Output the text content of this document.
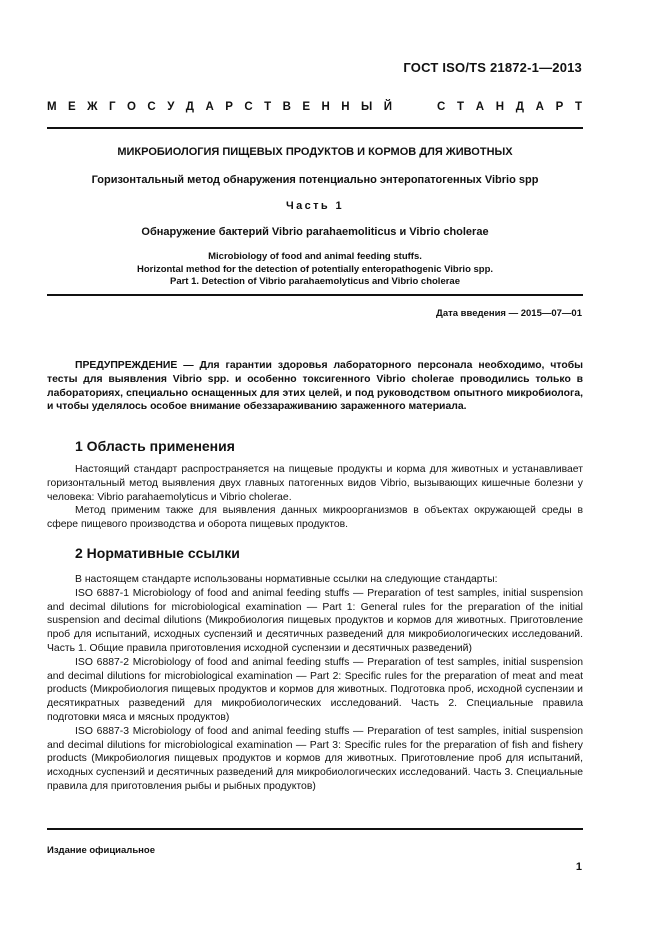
ГОСТ ISO/TS 21872-1—2013
М Е Ж Г О С У Д А Р С Т В Е Н Н Ы Й	С Т А Н Д А Р Т
МИКРОБИОЛОГИЯ ПИЩЕВЫХ ПРОДУКТОВ И КОРМОВ ДЛЯ ЖИВОТНЫХ
Горизонтальный метод обнаружения потенциально энтеропатогенных Vibrio spp
Часть 1
Обнаружение бактерий Vibrio parahaemoliticus и Vibrio cholerae
Microbiology of food and animal feeding stuffs.
Horizontal method for the detection of potentially enteropathogenic Vibrio spp.
Part 1. Detection of Vibrio parahaemolyticus and Vibrio cholerae
Дата введения — 2015—07—01

ПРЕДУПРЕЖДЕНИЕ — Для гарантии здоровья лабораторного персонала необходимо, чтобы тесты для выявления Vibrio spp. и особенно токсигенного Vibrio cholerae проводились только в лабораториях, специально оснащенных для этих целей, и под руководством опытного микробиолога, и чтобы уделялось особое внимание обеззараживанию зараженного материала.

1 Область применения

Настоящий стандарт распространяется на пищевые продукты и корма для животных и устанавливает горизонтальный метод выявления двух главных патогенных видов Vibrio, вызывающих кишечные болезни у человека: Vibrio parahaemolyticus и Vibrio cholerae.

Метод применим также для выявления данных микроорганизмов в объектах окружающей среды в сфере пищевого производства и оборота пищевых продуктов.

2 Нормативные ссылки

В настоящем стандарте использованы нормативные ссылки на следующие стандарты:

ISO 6887-1 Microbiology of food and animal feeding stuffs — Preparation of test samples, initial suspension and decimal dilutions for microbiological examination — Part 1: General rules for the preparation of the initial suspension and decimal dilutions (Микробиология пищевых продуктов и кормов для животных. Приготовление проб для испытаний, исходных суспензий и десятичных разведений для микробиологических исследований. Часть 1. Общие правила приготовления исходной суспензии и десятичных разведений)

ISO 6887-2 Microbiology of food and animal feeding stuffs — Preparation of test samples, initial suspension and decimal dilutions for microbiological examination — Part 2: Specific rules for the preparation of meat and meat products (Микробиология пищевых продуктов и кормов для животных. Подготовка проб, исходной суспензии и десятикратных разведений для микробиологических исследований. Часть 2. Специальные правила подготовки мяса и мясных продуктов)

ISO 6887-3 Microbiology of food and animal feeding stuffs — Preparation of test samples, initial suspension and decimal dilutions for microbiological examination — Part 3: Specific rules for the preparation of fish and fishery products (Микробиология пищевых продуктов и кормов для животных. Приготовление проб для испытаний, исходных суспензий и десятичных разведений для микробиологических исследований. Часть 3. Специальные правила для приготовления рыбы и рыбных продуктов)

Издание официальное
1
